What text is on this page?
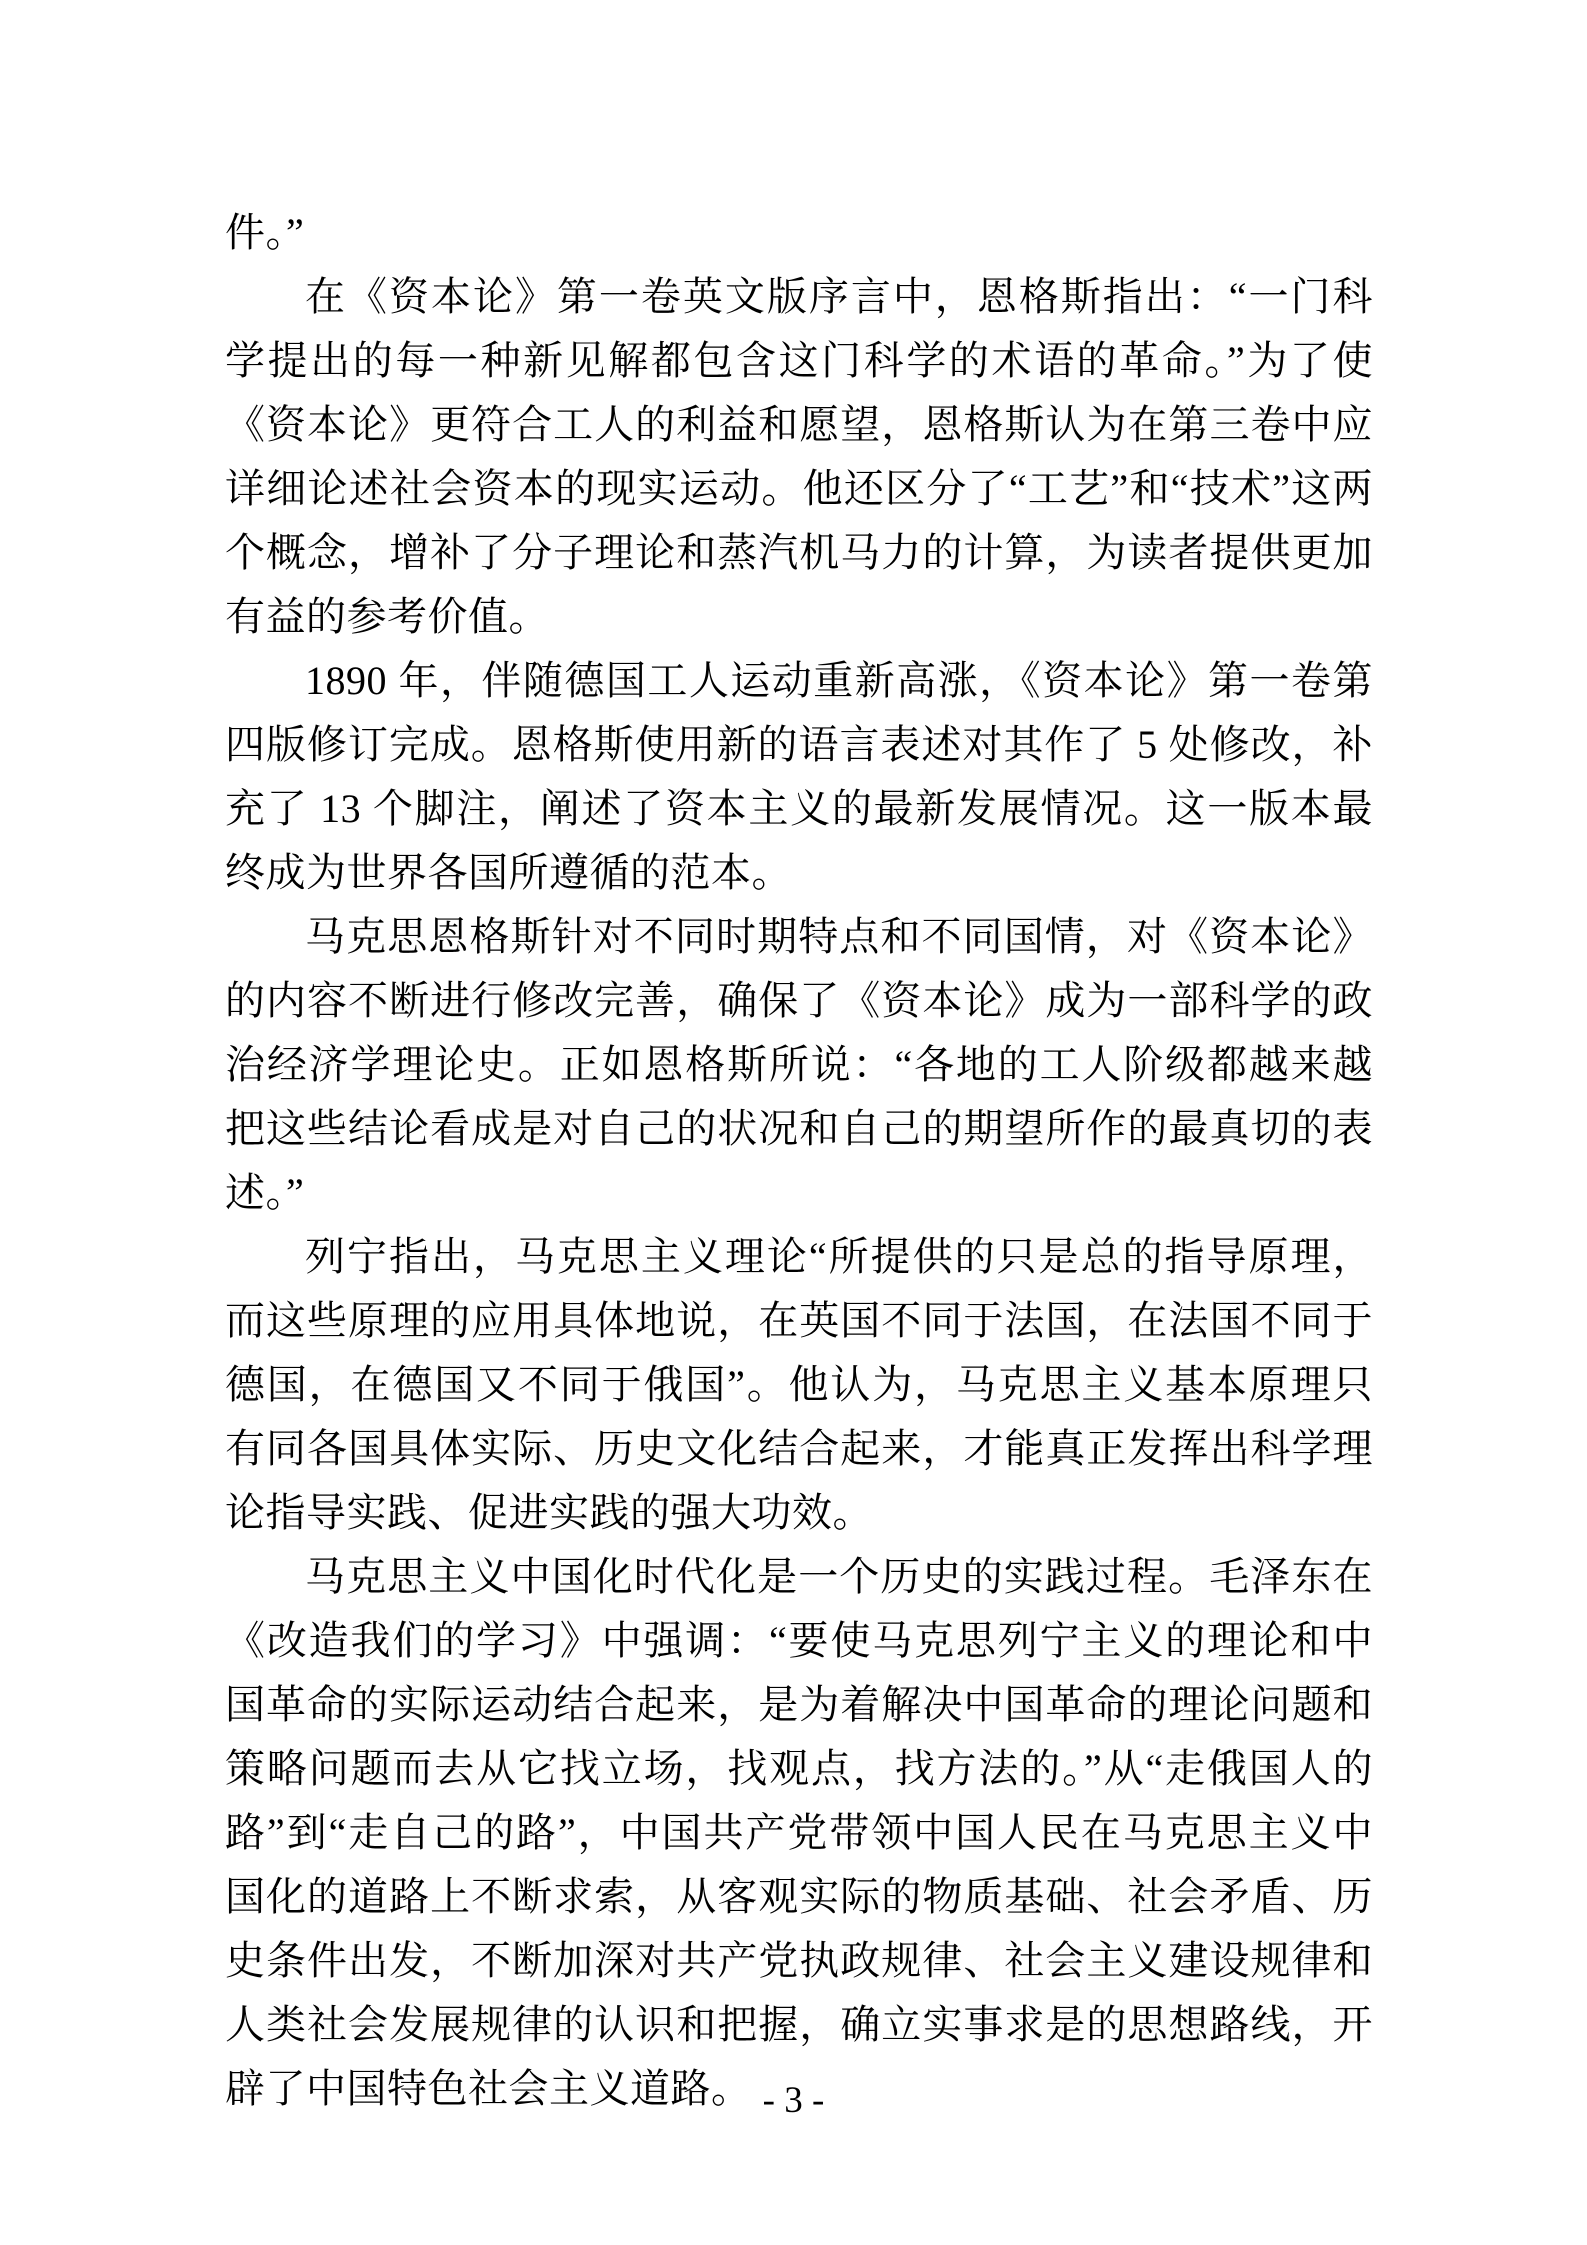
件。”

在《资本论》第一卷英文版序言中，恩格斯指出：“一门科学提出的每一种新见解都包含这门科学的术语的革命。”为了使《资本论》更符合工人的利益和愿望，恩格斯认为在第三卷中应详细论述社会资本的现实运动。他还区分了“工艺”和“技术”这两个概念，增补了分子理论和蒸汽机马力的计算，为读者提供更加有益的参考价值。

1890 年，伴随德国工人运动重新高涨，《资本论》第一卷第四版修订完成。恩格斯使用新的语言表述对其作了 5 处修改，补充了 13 个脚注，阐述了资本主义的最新发展情况。这一版本最终成为世界各国所遵循的范本。

马克思恩格斯针对不同时期特点和不同国情，对《资本论》的内容不断进行修改完善，确保了《资本论》成为一部科学的政治经济学理论史。正如恩格斯所说：“各地的工人阶级都越来越把这些结论看成是对自己的状况和自己的期望所作的最真切的表述。”

列宁指出，马克思主义理论“所提供的只是总的指导原理，而这些原理的应用具体地说，在英国不同于法国，在法国不同于德国，在德国又不同于俄国”。他认为，马克思主义基本原理只有同各国具体实际、历史文化结合起来，才能真正发挥出科学理论指导实践、促进实践的强大功效。

马克思主义中国化时代化是一个历史的实践过程。毛泽东在《改造我们的学习》中强调：“要使马克思列宁主义的理论和中国革命的实际运动结合起来，是为着解决中国革命的理论问题和策略问题而去从它找立场，找观点，找方法的。”从“走俄国人的路”到“走自己的路”，中国共产党带领中国人民在马克思主义中国化的道路上不断求索，从客观实际的物质基础、社会矛盾、历史条件出发，不断加深对共产党执政规律、社会主义建设规律和人类社会发展规律的认识和把握，确立实事求是的思想路线，开辟了中国特色社会主义道路。 - 3 -
